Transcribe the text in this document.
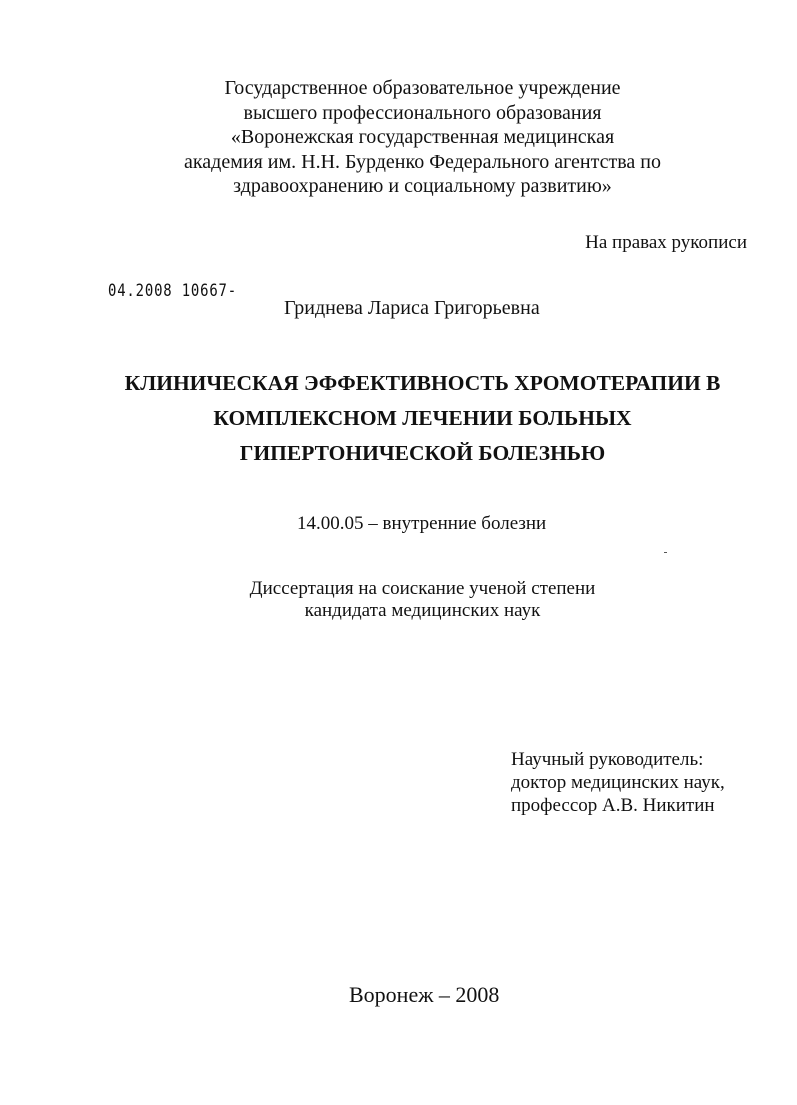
Государственное образовательное учреждение
высшего профессионального образования
«Воронежская государственная медицинская
академия им. Н.Н. Бурденко Федерального агентства по
здравоохранению и социальному развитию»
На правах рукописи
04.2008 10667-
Гриднева Лариса Григорьевна
КЛИНИЧЕСКАЯ ЭФФЕКТИВНОСТЬ ХРОМОТЕРАПИИ В
КОМПЛЕКСНОМ ЛЕЧЕНИИ БОЛЬНЫХ
ГИПЕРТОНИЧЕСКОЙ БОЛЕЗНЬЮ
14.00.05 – внутренние болезни
Диссертация на соискание ученой степени
кандидата медицинских наук
Научный руководитель:
доктор медицинских наук,
профессор А.В. Никитин
Воронеж – 2008
